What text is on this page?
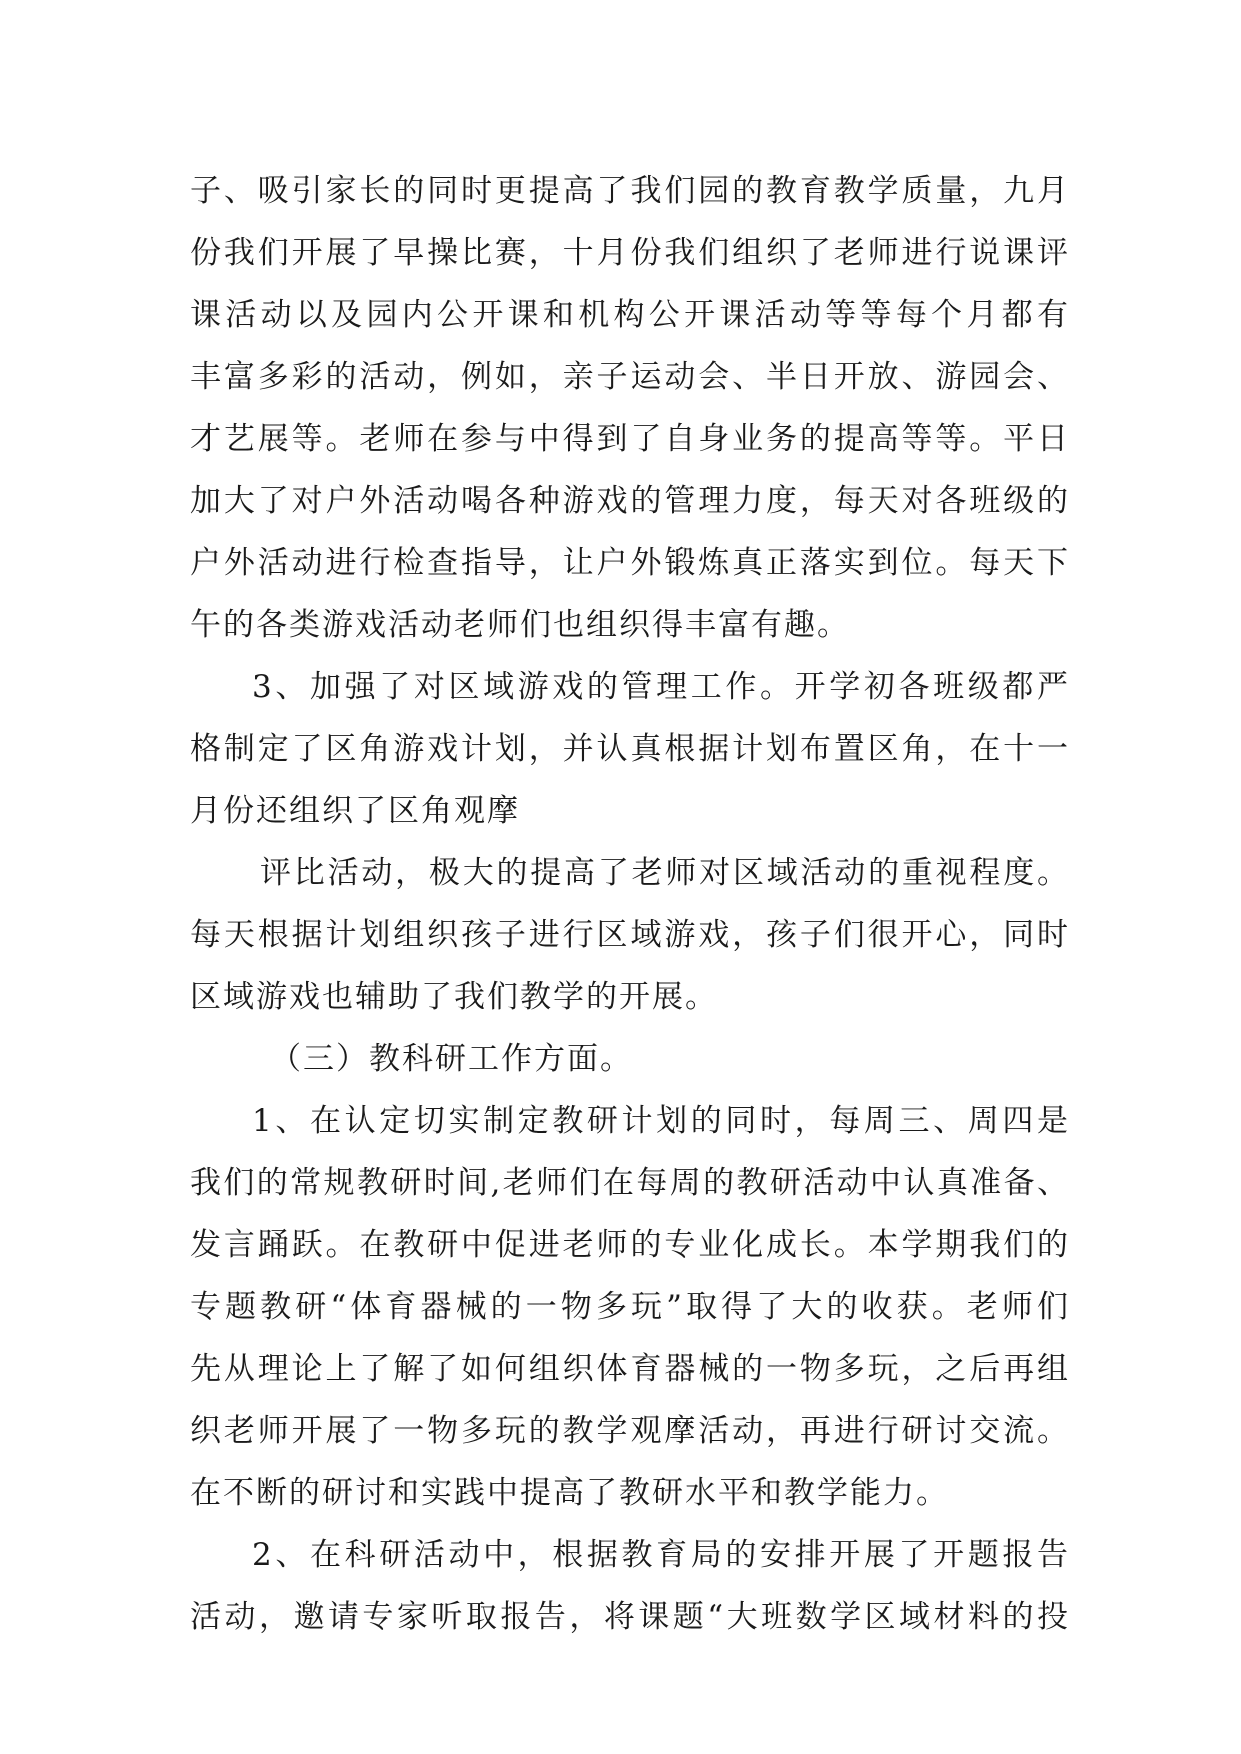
子、吸引家长的同时更提高了我们园的教育教学质量，九月
份我们开展了早操比赛，十月份我们组织了老师进行说课评
课活动以及园内公开课和机构公开课活动等等每个月都有
丰富多彩的活动，例如，亲子运动会、半日开放、游园会、
才艺展等。老师在参与中得到了自身业务的提高等等。平日
加大了对户外活动喝各种游戏的管理力度，每天对各班级的
户外活动进行检查指导，让户外锻炼真正落实到位。每天下
午的各类游戏活动老师们也组织得丰富有趣。
3、加强了对区域游戏的管理工作。开学初各班级都严
格制定了区角游戏计划，并认真根据计划布置区角，在十一
月份还组织了区角观摩
评比活动，极大的提高了老师对区域活动的重视程度。
每天根据计划组织孩子进行区域游戏，孩子们很开心，同时
区域游戏也辅助了我们教学的开展。
（三）教科研工作方面。
1、在认定切实制定教研计划的同时，每周三、周四是
我们的常规教研时间,老师们在每周的教研活动中认真准备、
发言踊跃。在教研中促进老师的专业化成长。本学期我们的
专题教研“体育器械的一物多玩”取得了大的收获。老师们
先从理论上了解了如何组织体育器械的一物多玩，之后再组
织老师开展了一物多玩的教学观摩活动，再进行研讨交流。
在不断的研讨和实践中提高了教研水平和教学能力。
2、在科研活动中，根据教育局的安排开展了开题报告
活动，邀请专家听取报告，将课题“大班数学区域材料的投
